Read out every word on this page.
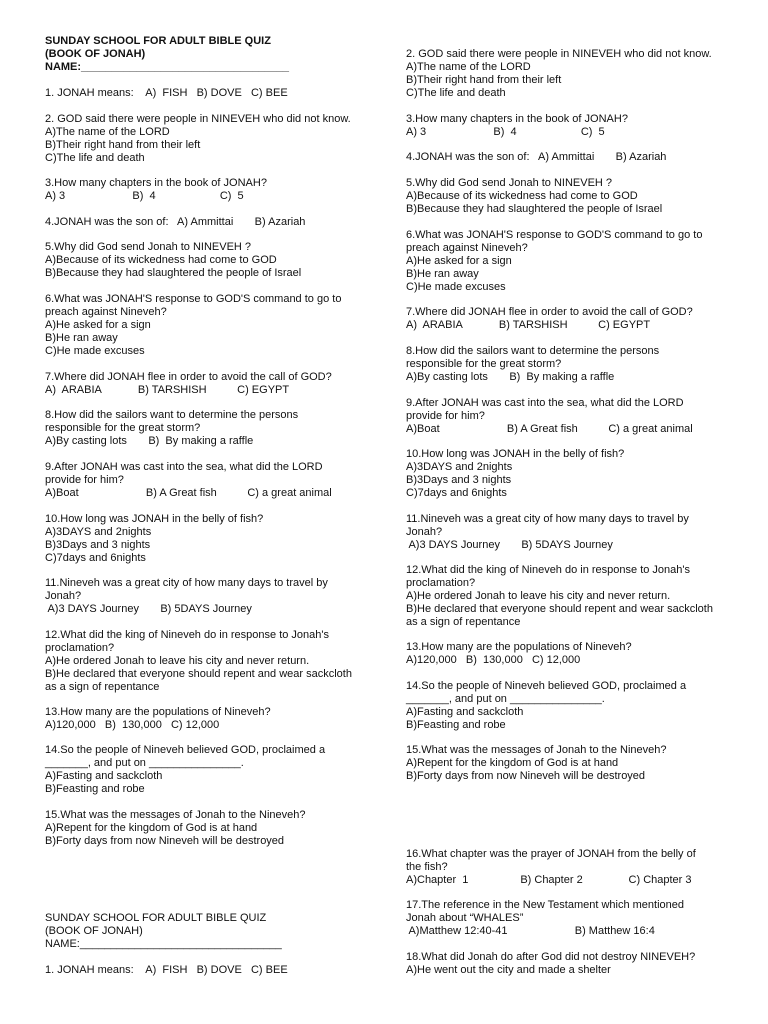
SUNDAY SCHOOL FOR ADULT BIBLE QUIZ
(BOOK OF JONAH)
NAME:__________________________________
1. JONAH means:    A)  FISH   B) DOVE   C) BEE
2. GOD said there were people in NINEVEH who did not know.
A)The name of the LORD
B)Their right hand from their left
C)The life and death
3.How many chapters in the book of JONAH?
A) 3                      B)  4                     C)  5
4.JONAH was the son of:   A) Ammittai       B) Azariah
5.Why did God send Jonah to NINEVEH ?
A)Because of its wickedness had come to GOD
B)Because they had slaughtered the people of Israel
6.What was JONAH'S response to GOD'S command to go to
preach against Nineveh?
A)He asked for a sign
B)He ran away
C)He made excuses
7.Where did JONAH flee in order to avoid the call of GOD?
A)  ARABIA            B) TARSHISH          C) EGYPT
8.How did the sailors want to determine the persons
responsible for the great storm?
A)By casting lots       B)  By making a raffle
9.After JONAH was cast into the sea, what did the LORD
provide for him?
A)Boat                      B) A Great fish          C) a great animal
10.How long was JONAH in the belly of fish?
A)3DAYS and 2nights
B)3Days and 3 nights
C)7days and 6nights
11.Nineveh was a great city of how many days to travel by
Jonah?
A)3 DAYS Journey       B) 5DAYS Journey
12.What did the king of Nineveh do in response to Jonah's
proclamation?
A)He ordered Jonah to leave his city and never return.
B)He declared that everyone should repent and wear sackcloth
as a sign of repentance
13.How many are the populations of Nineveh?
A)120,000   B)  130,000   C) 12,000
14.So the people of Nineveh believed GOD, proclaimed a
_______, and put on _______________.
A)Fasting and sackcloth
B)Feasting and robe
15.What was the messages of Jonah to the Nineveh?
A)Repent for the kingdom of God is at hand
B)Forty days from now Nineveh will be destroyed
SUNDAY SCHOOL FOR ADULT BIBLE QUIZ
(BOOK OF JONAH)
NAME:_________________________________
1. JONAH means:    A)  FISH   B) DOVE   C) BEE
2. GOD said there were people in NINEVEH who did not know.
A)The name of the LORD
B)Their right hand from their left
C)The life and death
3.How many chapters in the book of JONAH?
A) 3                      B)  4                     C)  5
4.JONAH was the son of:   A) Ammittai       B) Azariah
5.Why did God send Jonah to NINEVEH ?
A)Because of its wickedness had come to GOD
B)Because they had slaughtered the people of Israel
6.What was JONAH'S response to GOD'S command to go to
preach against Nineveh?
A)He asked for a sign
B)He ran away
C)He made excuses
7.Where did JONAH flee in order to avoid the call of GOD?
A)  ARABIA            B) TARSHISH          C) EGYPT
8.How did the sailors want to determine the persons
responsible for the great storm?
A)By casting lots       B)  By making a raffle
9.After JONAH was cast into the sea, what did the LORD
provide for him?
A)Boat                      B) A Great fish          C) a great animal
10.How long was JONAH in the belly of fish?
A)3DAYS and 2nights
B)3Days and 3 nights
C)7days and 6nights
11.Nineveh was a great city of how many days to travel by
Jonah?
A)3 DAYS Journey       B) 5DAYS Journey
12.What did the king of Nineveh do in response to Jonah's
proclamation?
A)He ordered Jonah to leave his city and never return.
B)He declared that everyone should repent and wear sackcloth
as a sign of repentance
13.How many are the populations of Nineveh?
A)120,000   B)  130,000   C) 12,000
14.So the people of Nineveh believed GOD, proclaimed a
_______, and put on _______________.
A)Fasting and sackcloth
B)Feasting and robe
15.What was the messages of Jonah to the Nineveh?
A)Repent for the kingdom of God is at hand
B)Forty days from now Nineveh will be destroyed
16.What chapter was the prayer of JONAH from the belly of
the fish?
A)Chapter  1                 B) Chapter 2               C) Chapter 3
17.The reference in the New Testament which mentioned
Jonah about “WHALES”
A)Matthew 12:40-41                      B) Matthew 16:4
18.What did Jonah do after God did not destroy NINEVEH?
A)He went out the city and made a shelter
